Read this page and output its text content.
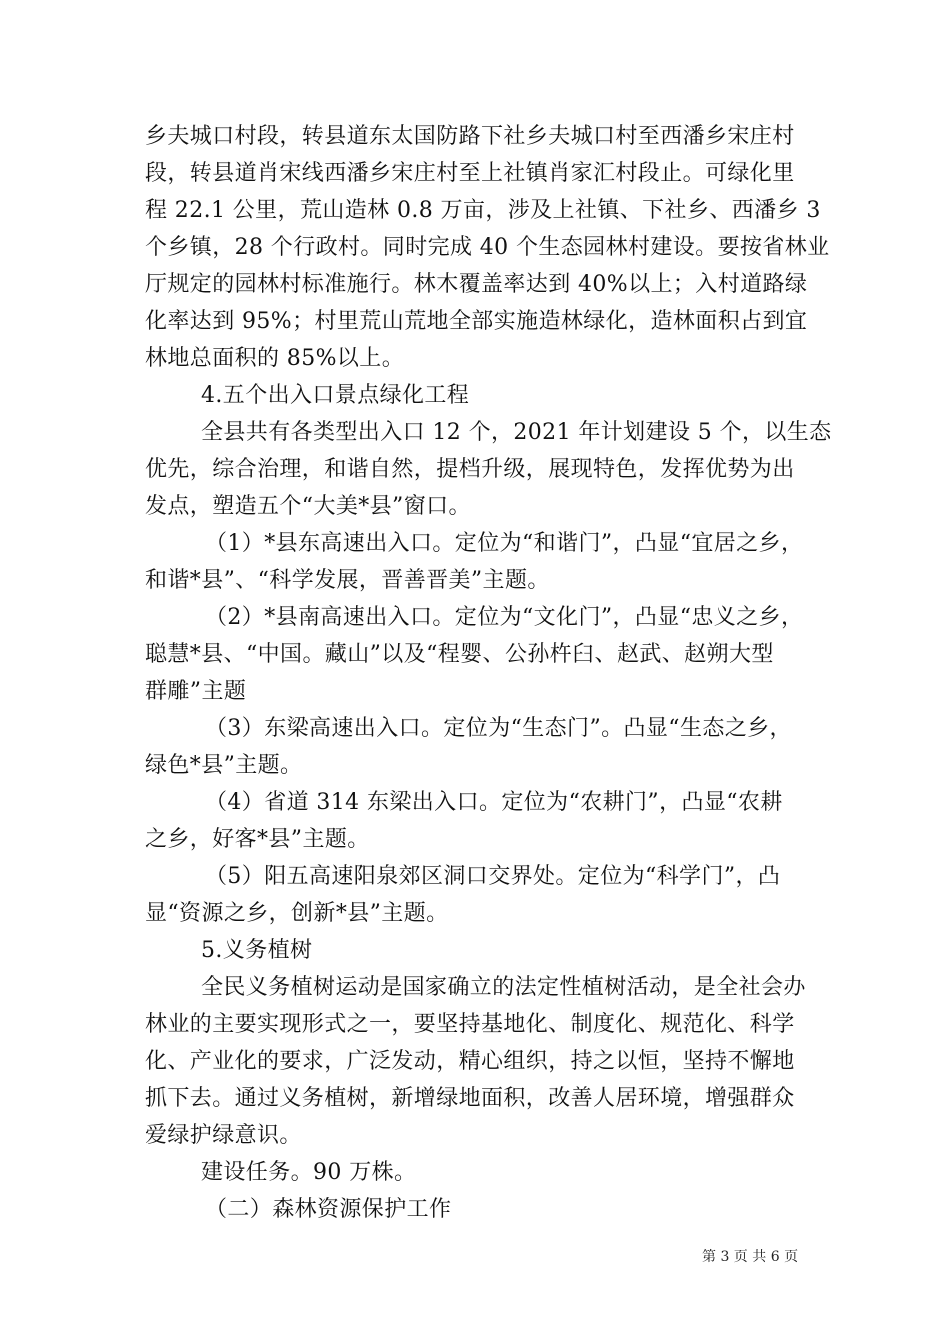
乡夫城口村段，转县道东太国防路下社乡夫城口村至西潘乡宋庄村
段，转县道肖宋线西潘乡宋庄村至上社镇肖家汇村段止。可绿化里
程 22.1 公里，荒山造林 0.8 万亩，涉及上社镇、下社乡、西潘乡 3
个乡镇，28 个行政村。同时完成 40 个生态园林村建设。要按省林业
厅规定的园林村标准施行。林木覆盖率达到 40%以上；入村道路绿
化率达到 95%；村里荒山荒地全部实施造林绿化，造林面积占到宜
林地总面积的 85%以上。
4.五个出入口景点绿化工程
全县共有各类型出入口 12 个，2021 年计划建设 5 个，以生态
优先，综合治理，和谐自然，提档升级，展现特色，发挥优势为出
发点，塑造五个“大美*县”窗口。
（1）*县东高速出入口。定位为“和谐门”，凸显“宜居之乡，
和谐*县”、“科学发展，晋善晋美”主题。
（2）*县南高速出入口。定位为“文化门”，凸显“忠义之乡，
聪慧*县、“中国。藏山”以及“程婴、公孙杵臼、赵武、赵朔大型
群雕”主题
（3）东梁高速出入口。定位为“生态门”。凸显“生态之乡，
绿色*县”主题。
（4）省道 314 东梁出入口。定位为“农耕门”，凸显“农耕
之乡，好客*县”主题。
（5）阳五高速阳泉郊区洞口交界处。定位为“科学门”，凸
显“资源之乡，创新*县”主题。
5.义务植树
全民义务植树运动是国家确立的法定性植树活动，是全社会办
林业的主要实现形式之一，要坚持基地化、制度化、规范化、科学
化、产业化的要求，广泛发动，精心组织，持之以恒，坚持不懈地
抓下去。通过义务植树，新增绿地面积，改善人居环境，增强群众
爱绿护绿意识。
建设任务。90 万株。
（二）森林资源保护工作
第 3 页 共 6 页
